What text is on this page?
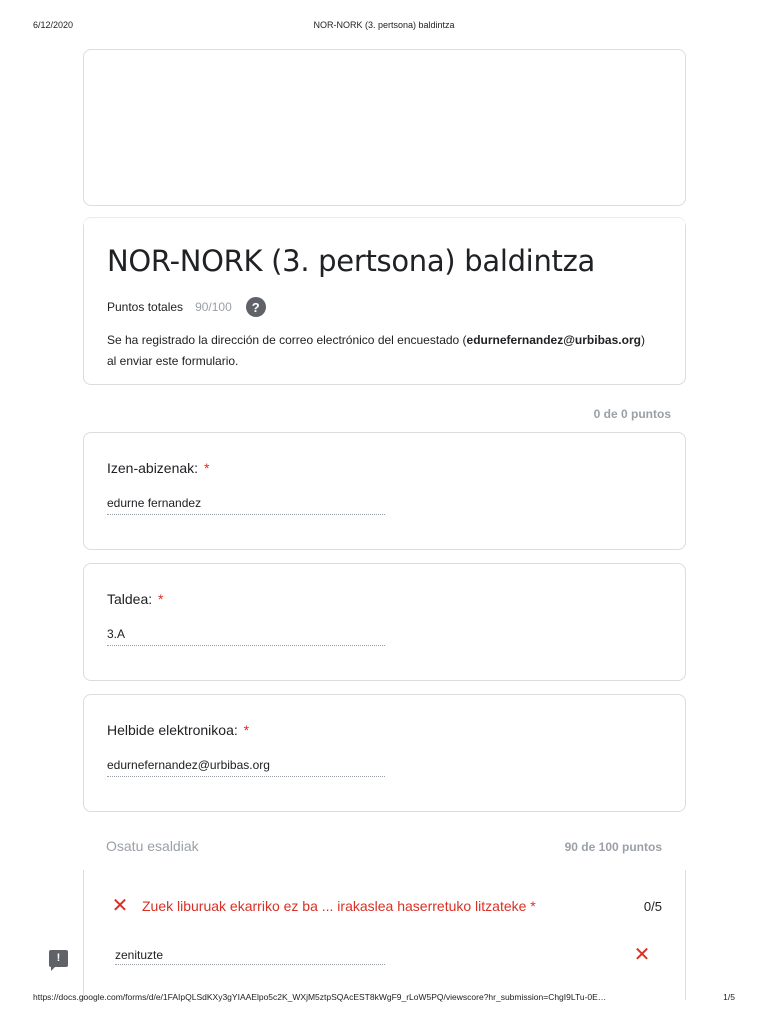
6/12/2020	NOR-NORK (3. pertsona) baldintza
NOR-NORK (3. pertsona) baldintza
Puntos totales 90/100	?
Se ha registrado la dirección de correo electrónico del encuestado (edurnefernandez@urbibas.org) al enviar este formulario.
0 de 0 puntos
Izen-abizenak: *
edurne fernandez
Taldea: *
3.A
Helbide elektronikoa: *
edurnefernandez@urbibas.org
Osatu esaldiak	90 de 100 puntos
✕ Zuek liburuak ekarriko ez ba ... irakaslea haserretuko litzateke *	0/5
zenituzte	✕
!
https://docs.google.com/forms/d/e/1FAIpQLSdKXy3gYIAAElpo5c2K_WXjM5ztpSQAcEST8kWgF9_rLoW5PQ/viewscore?hr_submission=ChgI9LTu-0E…	1/5
